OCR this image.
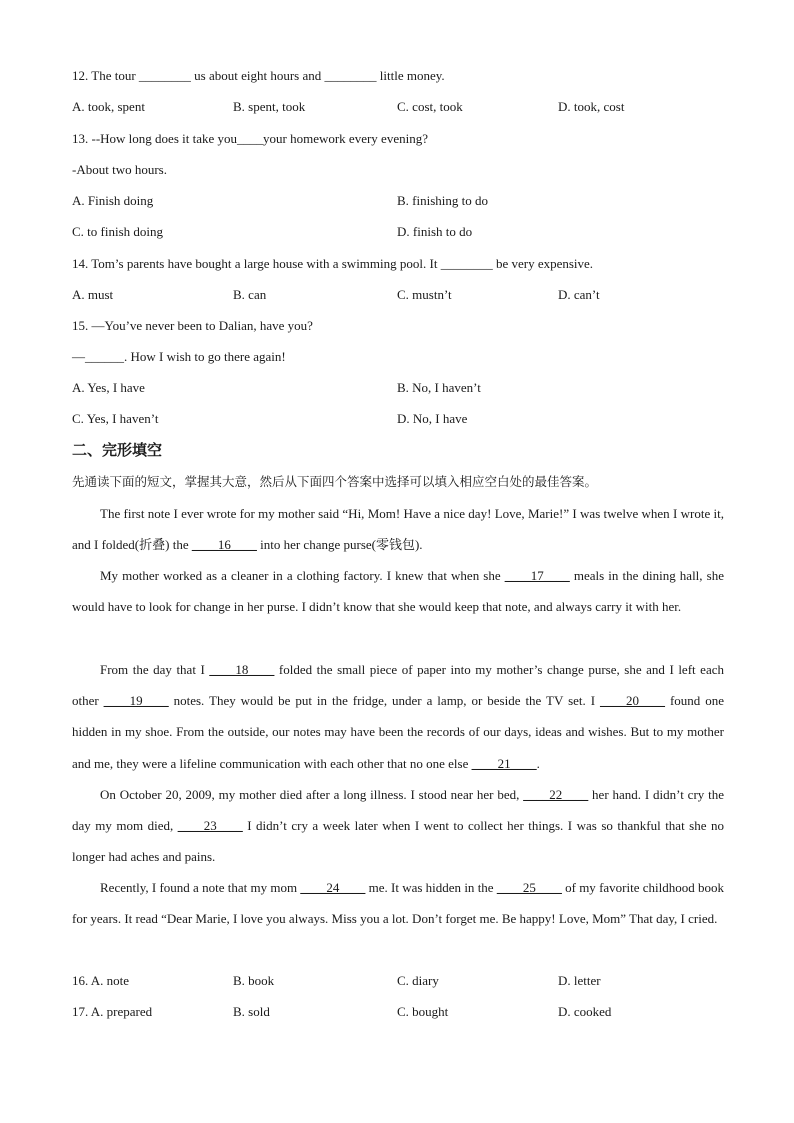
12. The tour ________ us about eight hours and ________ little money.
A. took, spent	B. spent, took	C. cost, took	D. took, cost
13. --How long does it take you____your homework every evening?
-About two hours.
A. Finish doing	B. finishing to do
C. to finish doing	D. finish to do
14. Tom’s parents have bought a large house with a swimming pool. It ________ be very expensive.
A. must	B. can	C. mustn’t	D. can’t
15. —You’ve never been to Dalian, have you?
—______. How I wish to go there again!
A. Yes, I have	B. No, I haven’t
C. Yes, I haven’t	D. No, I have
二、完形填空
先通读下面的短文，掌握其大意，然后从下面四个答案中选择可以填入相应空白处的最佳答案。
The first note I ever wrote for my mother said “Hi, Mom! Have a nice day! Love, Marie!” I was twelve when I wrote it, and I folded(折叠) the ____16____ into her change purse(零钱包).
My mother worked as a cleaner in a clothing factory. I knew that when she ____17____ meals in the dining hall, she would have to look for change in her purse. I didn’t know that she would keep that note, and always carry it with her.
From the day that I ____18____ folded the small piece of paper into my mother’s change purse, she and I left each other ____19____ notes. They would be put in the fridge, under a lamp, or beside the TV set. I ____20____ found one hidden in my shoe. From the outside, our notes may have been the records of our days, ideas and wishes. But to my mother and me, they were a lifeline communication with each other that no one else ____21____.
On October 20, 2009, my mother died after a long illness. I stood near her bed, ____22____ her hand. I didn’t cry the day my mom died, ____23____ I didn’t cry a week later when I went to collect her things. I was so thankful that she no longer had aches and pains.
Recently, I found a note that my mom ____24____ me. It was hidden in the ____25____ of my favorite childhood book for years. It read “Dear Marie, I love you always. Miss you a lot. Don’t forget me. Be happy! Love, Mom” That day, I cried.
16. A. note	B. book	C. diary	D. letter
17. A. prepared	B. sold	C. bought	D. cooked
